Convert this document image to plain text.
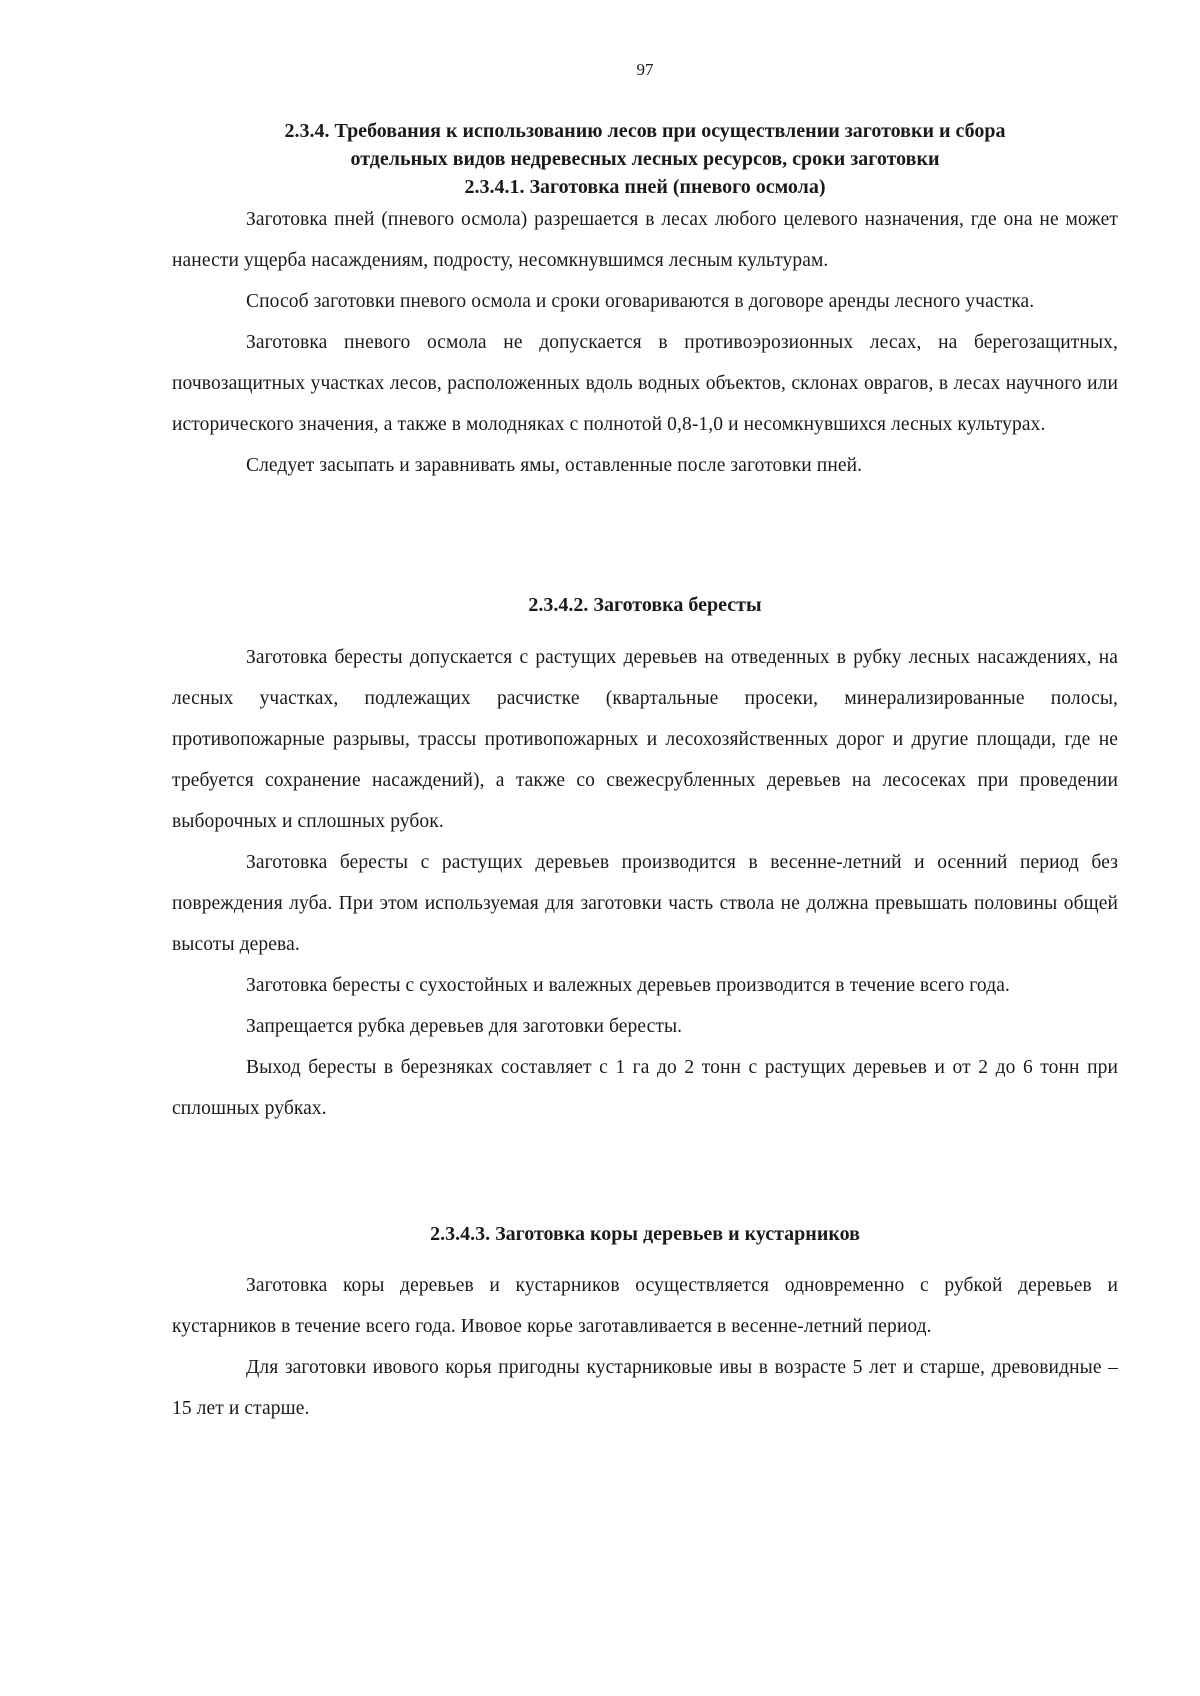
97
2.3.4. Требования к использованию лесов при осуществлении заготовки и сбора
отдельных видов недревесных лесных ресурсов, сроки заготовки
2.3.4.1. Заготовка пней (пневого осмола)

Заготовка пней (пневого осмола) разрешается в лесах любого целевого назначения, где она не может нанести ущерба насаждениям, подросту, несомкнувшимся лесным культурам.

Способ заготовки пневого осмола и сроки оговариваются в договоре аренды лесного участка.

Заготовка пневого осмола не допускается в противоэрозионных лесах, на берегозащитных, почвозащитных участках лесов, расположенных вдоль водных объектов, склонах оврагов, в лесах научного или исторического значения, а также в молодняках с полнотой 0,8-1,0 и несомкнувшихся лесных культурах.

Следует засыпать и заравнивать ямы, оставленные после заготовки пней.

2.3.4.2. Заготовка бересты

Заготовка бересты допускается с растущих деревьев на отведенных в рубку лесных насаждениях, на лесных участках, подлежащих расчистке (квартальные просеки, минерализированные полосы, противопожарные разрывы, трассы противопожарных и лесохозяйственных дорог и другие площади, где не требуется сохранение насаждений), а также со свежесрубленных деревьев на лесосеках при проведении выборочных и сплошных рубок.

Заготовка бересты с растущих деревьев производится в весенне-летний и осенний период без повреждения луба. При этом используемая для заготовки часть ствола не должна превышать половины общей высоты дерева.

Заготовка бересты с сухостойных и валежных деревьев производится в течение всего года.

Запрещается рубка деревьев для заготовки бересты.

Выход бересты в березняках составляет с 1 га до 2 тонн с растущих деревьев и от 2 до 6 тонн при сплошных рубках.

2.3.4.3. Заготовка коры деревьев и кустарников

Заготовка коры деревьев и кустарников осуществляется одновременно с рубкой деревьев и кустарников в течение всего года. Ивовое корье заготавливается в весенне-летний период.

Для заготовки ивового корья пригодны кустарниковые ивы в возрасте 5 лет и старше, древовидные – 15 лет и старше.
